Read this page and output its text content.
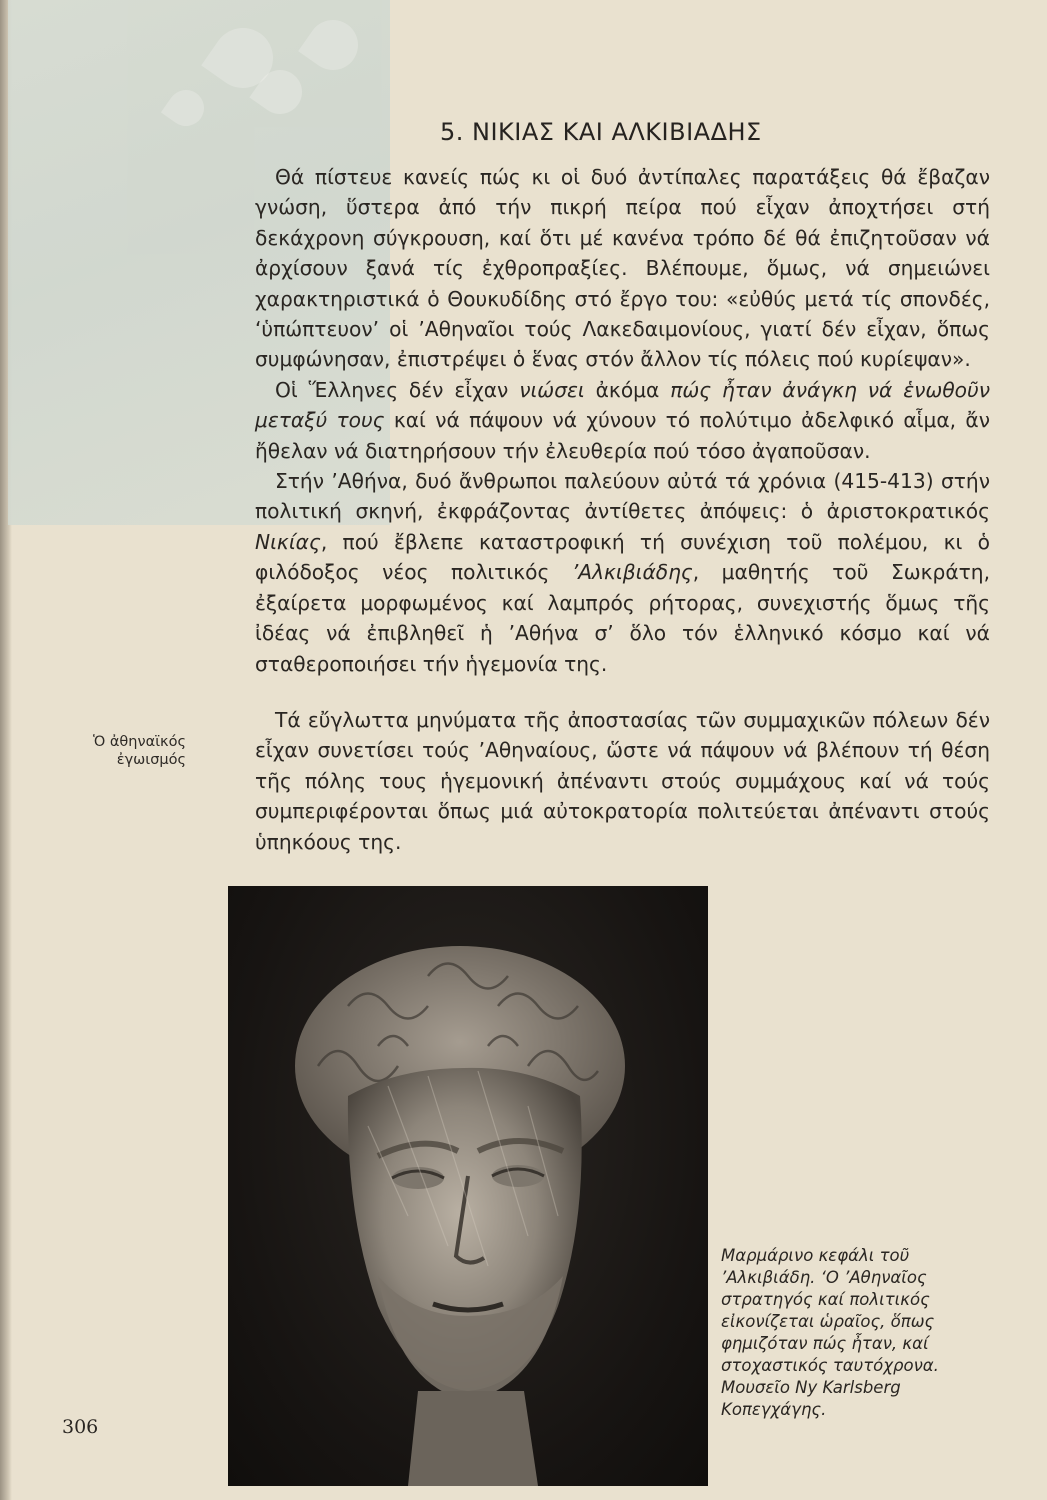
5. ΝΙΚΙΑΣ ΚΑΙ ΑΛΚΙΒΙΑΔΗΣ

Θά πίστευε κανείς πώς κι οἱ δυό ἀντίπαλες παρατάξεις θά ἔβαζαν γνώση, ὕστερα ἀπό τήν πικρή πείρα πού εἶχαν ἀποχτήσει στή δεκάχρονη σύγκρουση, καί ὅτι μέ κανένα τρόπο δέ θά ἐπιζητοῦσαν νά ἀρχίσουν ξανά τίς ἐχθροπραξίες. Βλέπουμε, ὅμως, νά σημειώνει χαρακτηριστικά ὁ Θουκυδίδης στό ἔργο του: «εὐθύς μετά τίς σπονδές, ‘ὑπώπτευον’ οἱ ’Αθηναῖοι τούς Λακεδαιμονίους, γιατί δέν εἶχαν, ὅπως συμφώνησαν, ἐπιστρέψει ὁ ἕνας στόν ἄλλον τίς πόλεις πού κυρίεψαν».

Οἱ Ἕλληνες δέν εἶχαν νιώσει ἀκόμα πώς ἦταν ἀνάγκη νά ἑνωθοῦν μεταξύ τους καί νά πάψουν νά χύνουν τό πολύτιμο ἀδελφικό αἷμα, ἄν ἤθελαν νά διατηρήσουν τήν ἐλευθερία πού τόσο ἀγαποῦσαν.

Στήν ’Αθήνα, δυό ἄνθρωποι παλεύουν αὐτά τά χρόνια (415-413) στήν πολιτική σκηνή, ἐκφράζοντας ἀντίθετες ἀπόψεις: ὁ ἀριστοκρατικός Νικίας, πού ἔβλεπε καταστροφική τή συνέχιση τοῦ πολέμου, κι ὁ φιλόδοξος νέος πολιτικός ’Αλκιβιάδης, μαθητής τοῦ Σωκράτη, ἐξαίρετα μορφωμένος καί λαμπρός ρήτορας, συνεχιστής ὅμως τῆς ἰδέας νά ἐπιβληθεῖ ἡ ’Αθήνα σ’ ὅλο τόν ἑλληνικό κόσμο καί νά σταθεροποιήσει τήν ἡγεμονία της.

Τά εὔγλωττα μηνύματα τῆς ἀποστασίας τῶν συμμαχικῶν πόλεων δέν εἶχαν συνετίσει τούς ’Αθηναίους, ὥστε νά πάψουν νά βλέπουν τή θέση τῆς πόλης τους ἡγεμονική ἀπέναντι στούς συμμάχους καί νά τούς συμπεριφέρονται ὅπως μιά αὐτοκρατορία πολιτεύεται ἀπέναντι στούς ὑπηκόους της.

Ὁ ἀθηναϊκός
ἐγωισμός
Μαρμάρινο κεφάλι τοῦ ’Αλκιβιάδη. ‘Ο ’Αθηναῖος στρατηγός καί πολιτικός εἰκονίζεται ὡραῖος, ὅπως φημιζόταν πώς ἦταν, καί στοχαστικός ταυτόχρονα. Μουσεῖο Ny Karlsberg Κοπεγχάγης.
306
